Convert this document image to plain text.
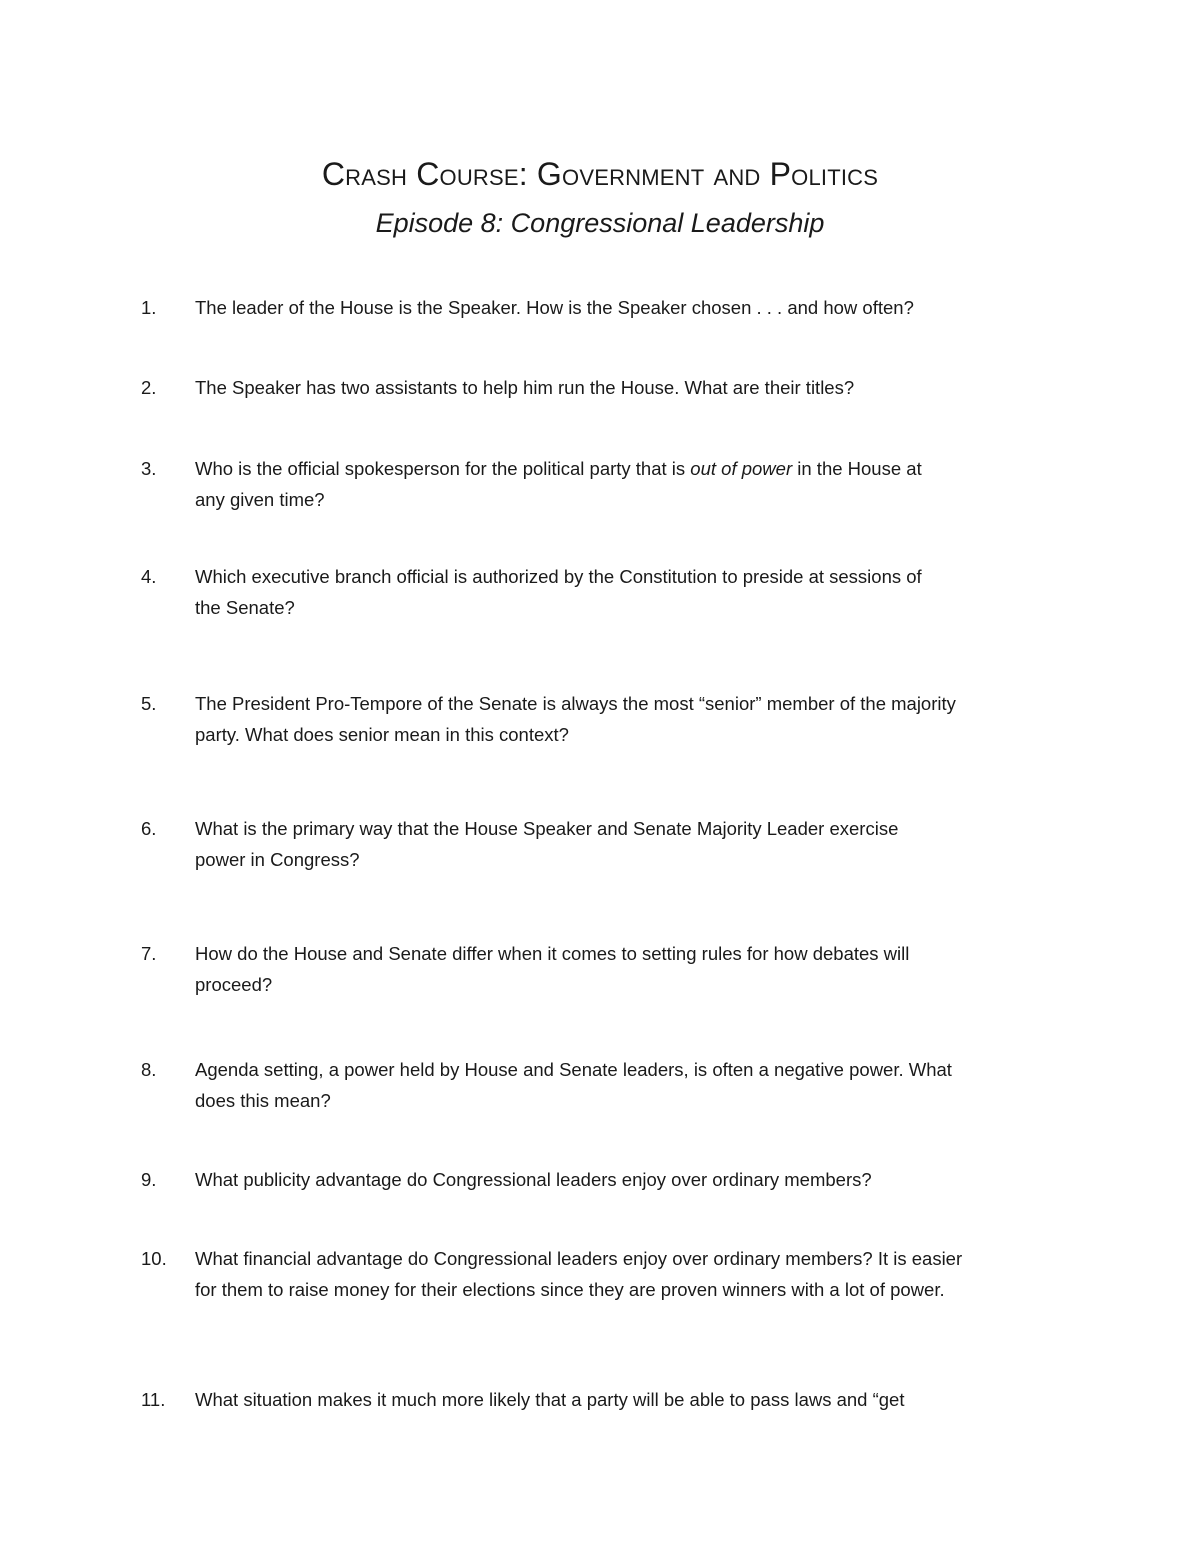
Crash Course: Government and Politics
Episode 8: Congressional Leadership
1.	The leader of the House is the Speaker. How is the Speaker chosen . . . and how often?
2.	The Speaker has two assistants to help him run the House. What are their titles?
3.	Who is the official spokesperson for the political party that is out of power in the House at
any given time?
4.	Which executive branch official is authorized by the Constitution to preside at sessions of
the Senate?
5.	The President Pro-Tempore of the Senate is always the most “senior” member of the majority
party. What does senior mean in this context?
6.	What is the primary way that the House Speaker and Senate Majority Leader exercise
power in Congress?
7.	How do the House and Senate differ when it comes to setting rules for how debates will
proceed?
8.	Agenda setting, a power held by House and Senate leaders, is often a negative power. What
does this mean?
9.	What publicity advantage do Congressional leaders enjoy over ordinary members?
10.	What financial advantage do Congressional leaders enjoy over ordinary members? It is easier
for them to raise money for their elections since they are proven winners with a lot of power.
11.	What situation makes it much more likely that a party will be able to pass laws and “get
